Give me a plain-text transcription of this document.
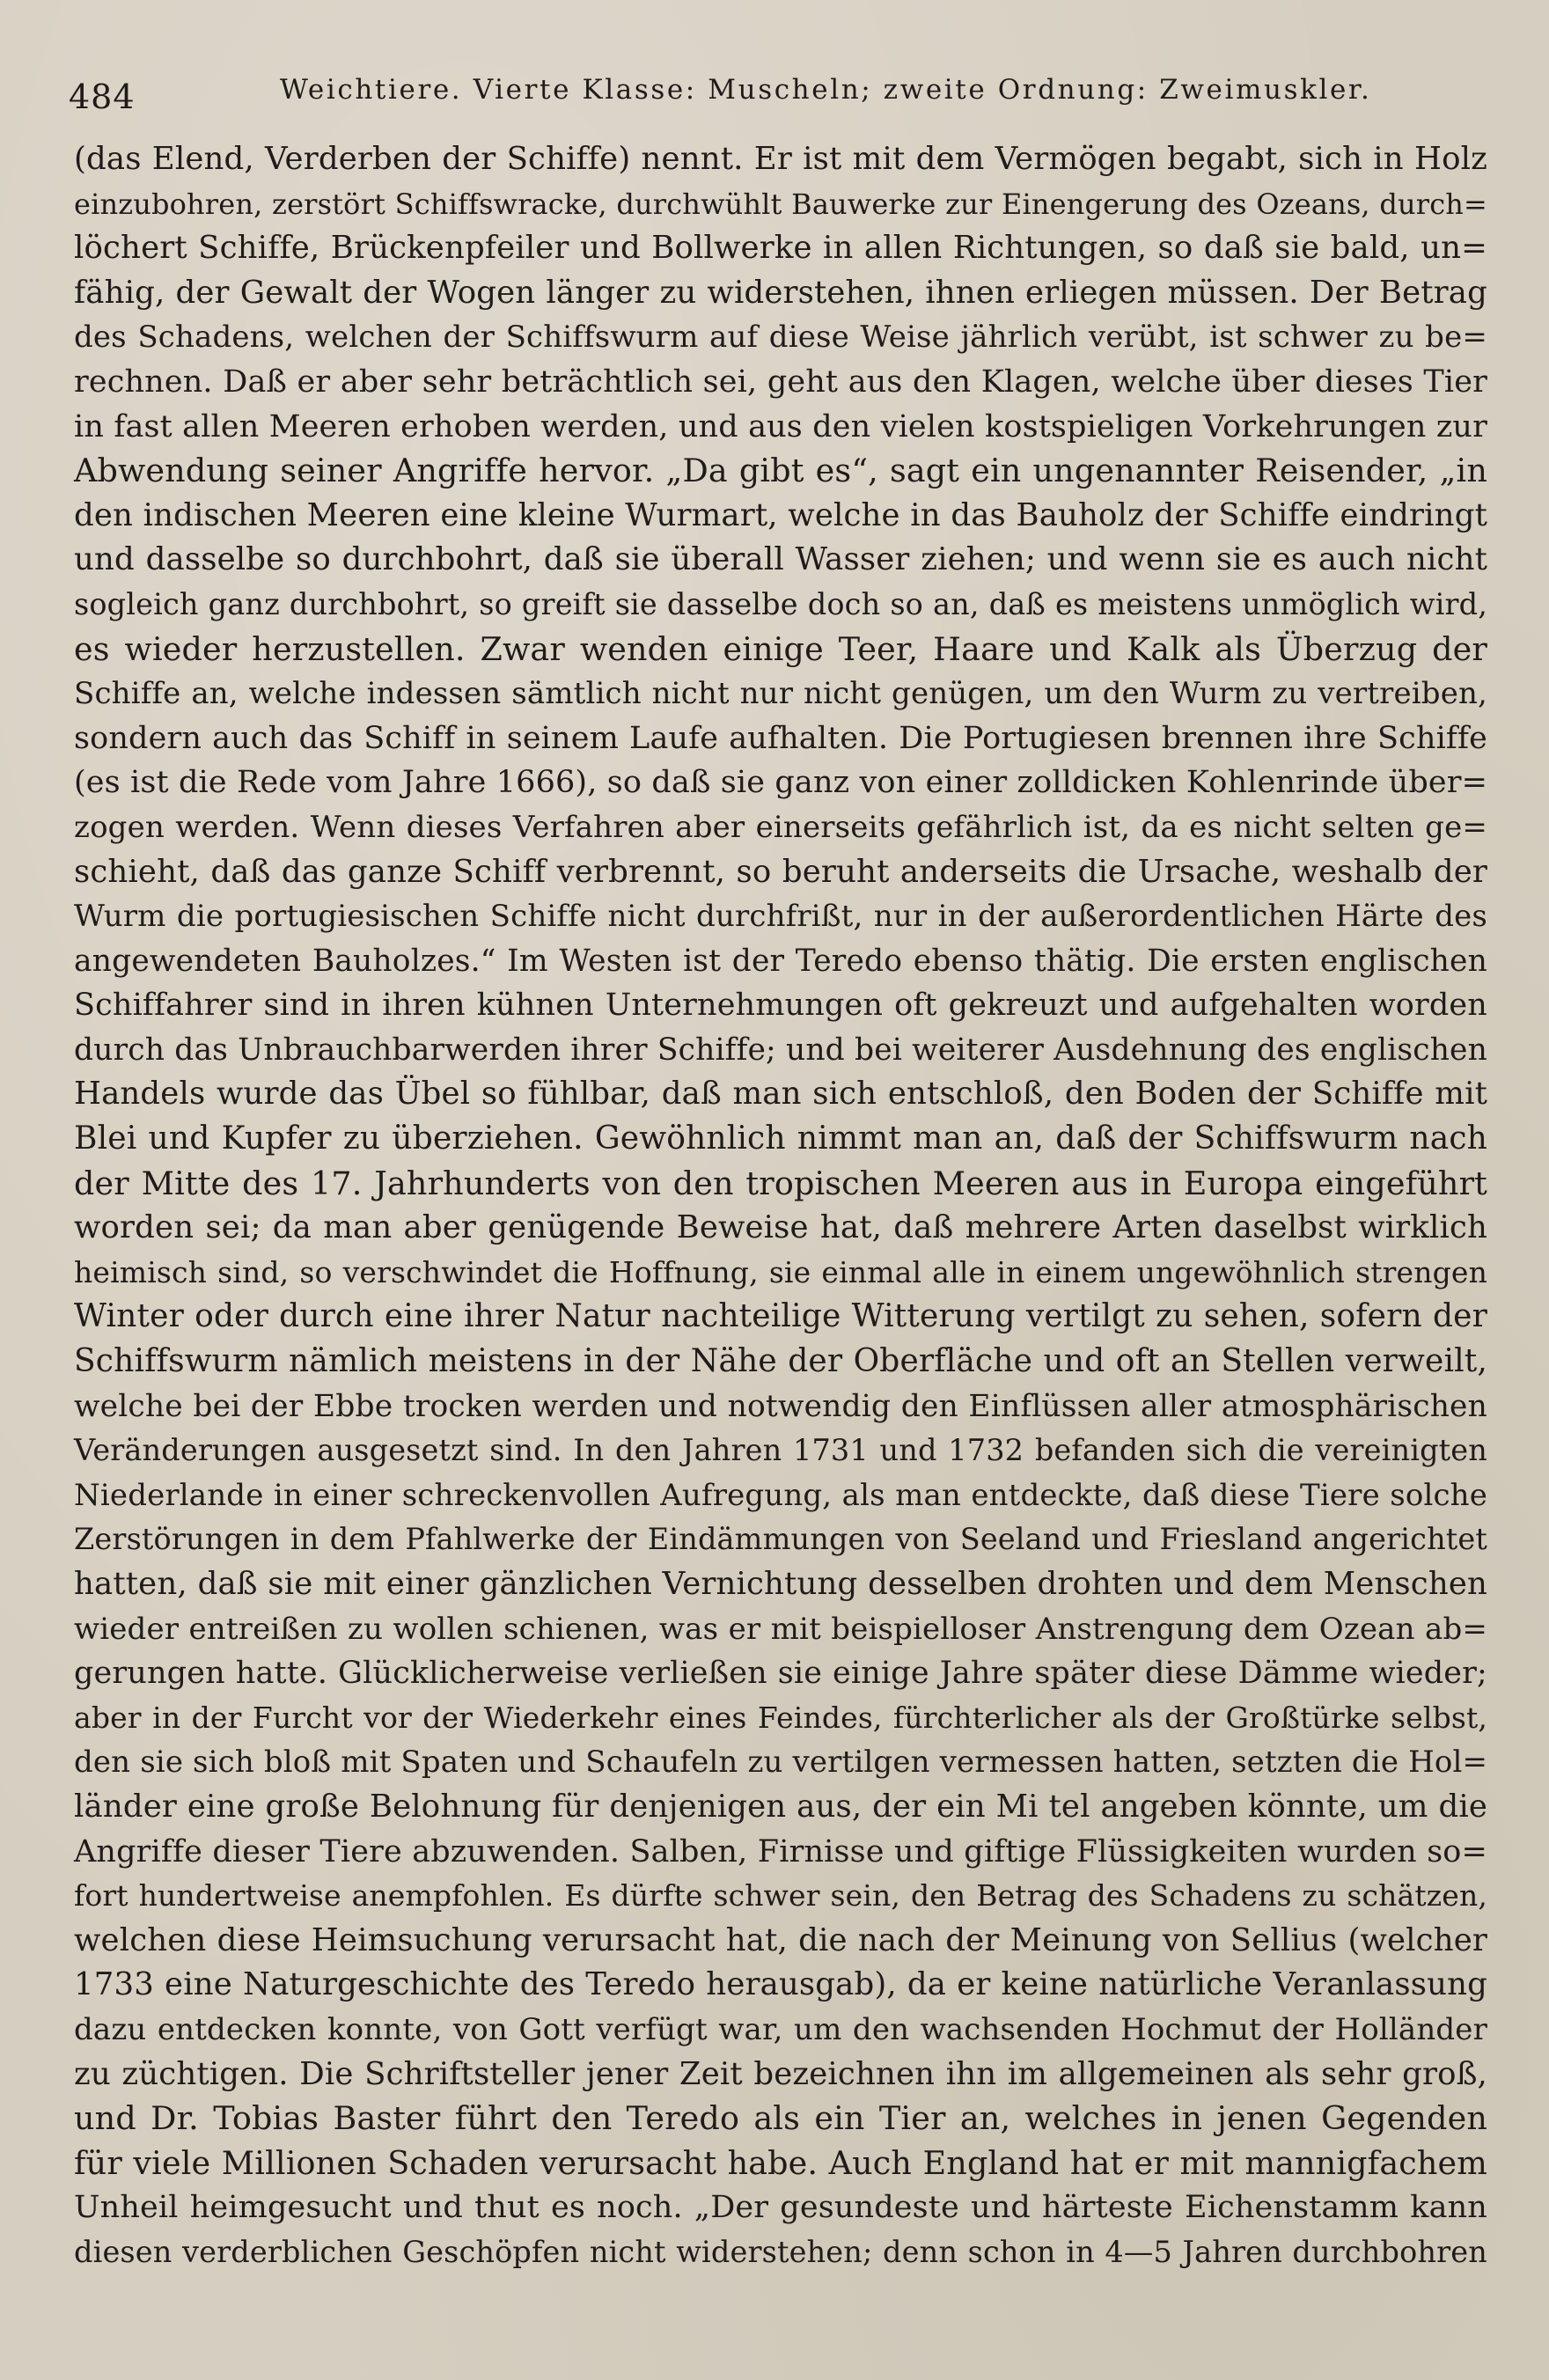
484	Weichtiere. Vierte Klasse: Muscheln; zweite Ordnung: Zweimuskler.
(das Elend, Verderben der Schiffe) nennt. Er ist mit dem Vermögen begabt, sich in Holz
einzubohren, zerstört Schiffswracke, durchwühlt Bauwerke zur Einengerung des Ozeans, durch=
löchert Schiffe, Brückenpfeiler und Bollwerke in allen Richtungen, so daß sie bald, un=
fähig, der Gewalt der Wogen länger zu widerstehen, ihnen erliegen müssen. Der Betrag
des Schadens, welchen der Schiffswurm auf diese Weise jährlich verübt, ist schwer zu be=
rechnen. Daß er aber sehr beträchtlich sei, geht aus den Klagen, welche über dieses Tier
in fast allen Meeren erhoben werden, und aus den vielen kostspieligen Vorkehrungen zur
Abwendung seiner Angriffe hervor. „Da gibt es“, sagt ein ungenannter Reisender, „in
den indischen Meeren eine kleine Wurmart, welche in das Bauholz der Schiffe eindringt
und dasselbe so durchbohrt, daß sie überall Wasser ziehen; und wenn sie es auch nicht
sogleich ganz durchbohrt, so greift sie dasselbe doch so an, daß es meistens unmöglich wird,
es wieder herzustellen. Zwar wenden einige Teer, Haare und Kalk als Überzug der
Schiffe an, welche indessen sämtlich nicht nur nicht genügen, um den Wurm zu vertreiben,
sondern auch das Schiff in seinem Laufe aufhalten. Die Portugiesen brennen ihre Schiffe
(es ist die Rede vom Jahre 1666), so daß sie ganz von einer zolldicken Kohlenrinde über=
zogen werden. Wenn dieses Verfahren aber einerseits gefährlich ist, da es nicht selten ge=
schieht, daß das ganze Schiff verbrennt, so beruht anderseits die Ursache, weshalb der
Wurm die portugiesischen Schiffe nicht durchfrißt, nur in der außerordentlichen Härte des
angewendeten Bauholzes.“ Im Westen ist der Teredo ebenso thätig. Die ersten englischen
Schiffahrer sind in ihren kühnen Unternehmungen oft gekreuzt und aufgehalten worden
durch das Unbrauchbarwerden ihrer Schiffe; und bei weiterer Ausdehnung des englischen
Handels wurde das Übel so fühlbar, daß man sich entschloß, den Boden der Schiffe mit
Blei und Kupfer zu überziehen. Gewöhnlich nimmt man an, daß der Schiffswurm nach
der Mitte des 17. Jahrhunderts von den tropischen Meeren aus in Europa eingeführt
worden sei; da man aber genügende Beweise hat, daß mehrere Arten daselbst wirklich
heimisch sind, so verschwindet die Hoffnung, sie einmal alle in einem ungewöhnlich strengen
Winter oder durch eine ihrer Natur nachteilige Witterung vertilgt zu sehen, sofern der
Schiffswurm nämlich meistens in der Nähe der Oberfläche und oft an Stellen verweilt,
welche bei der Ebbe trocken werden und notwendig den Einflüssen aller atmosphärischen
Veränderungen ausgesetzt sind. In den Jahren 1731 und 1732 befanden sich die vereinigten
Niederlande in einer schreckenvollen Aufregung, als man entdeckte, daß diese Tiere solche
Zerstörungen in dem Pfahlwerke der Eindämmungen von Seeland und Friesland angerichtet
hatten, daß sie mit einer gänzlichen Vernichtung desselben drohten und dem Menschen
wieder entreißen zu wollen schienen, was er mit beispielloser Anstrengung dem Ozean ab=
gerungen hatte. Glücklicherweise verließen sie einige Jahre später diese Dämme wieder;
aber in der Furcht vor der Wiederkehr eines Feindes, fürchterlicher als der Großtürke selbst,
den sie sich bloß mit Spaten und Schaufeln zu vertilgen vermessen hatten, setzten die Hol=
länder eine große Belohnung für denjenigen aus, der ein Mi tel angeben könnte, um die
Angriffe dieser Tiere abzuwenden. Salben, Firnisse und giftige Flüssigkeiten wurden so=
fort hundertweise anempfohlen. Es dürfte schwer sein, den Betrag des Schadens zu schätzen,
welchen diese Heimsuchung verursacht hat, die nach der Meinung von Sellius (welcher
1733 eine Naturgeschichte des Teredo herausgab), da er keine natürliche Veranlassung
dazu entdecken konnte, von Gott verfügt war, um den wachsenden Hochmut der Holländer
zu züchtigen. Die Schriftsteller jener Zeit bezeichnen ihn im allgemeinen als sehr groß,
und Dr. Tobias Baster führt den Teredo als ein Tier an, welches in jenen Gegenden
für viele Millionen Schaden verursacht habe. Auch England hat er mit mannigfachem
Unheil heimgesucht und thut es noch. „Der gesundeste und härteste Eichenstamm kann
diesen verderblichen Geschöpfen nicht widerstehen; denn schon in 4—5 Jahren durchbohren
